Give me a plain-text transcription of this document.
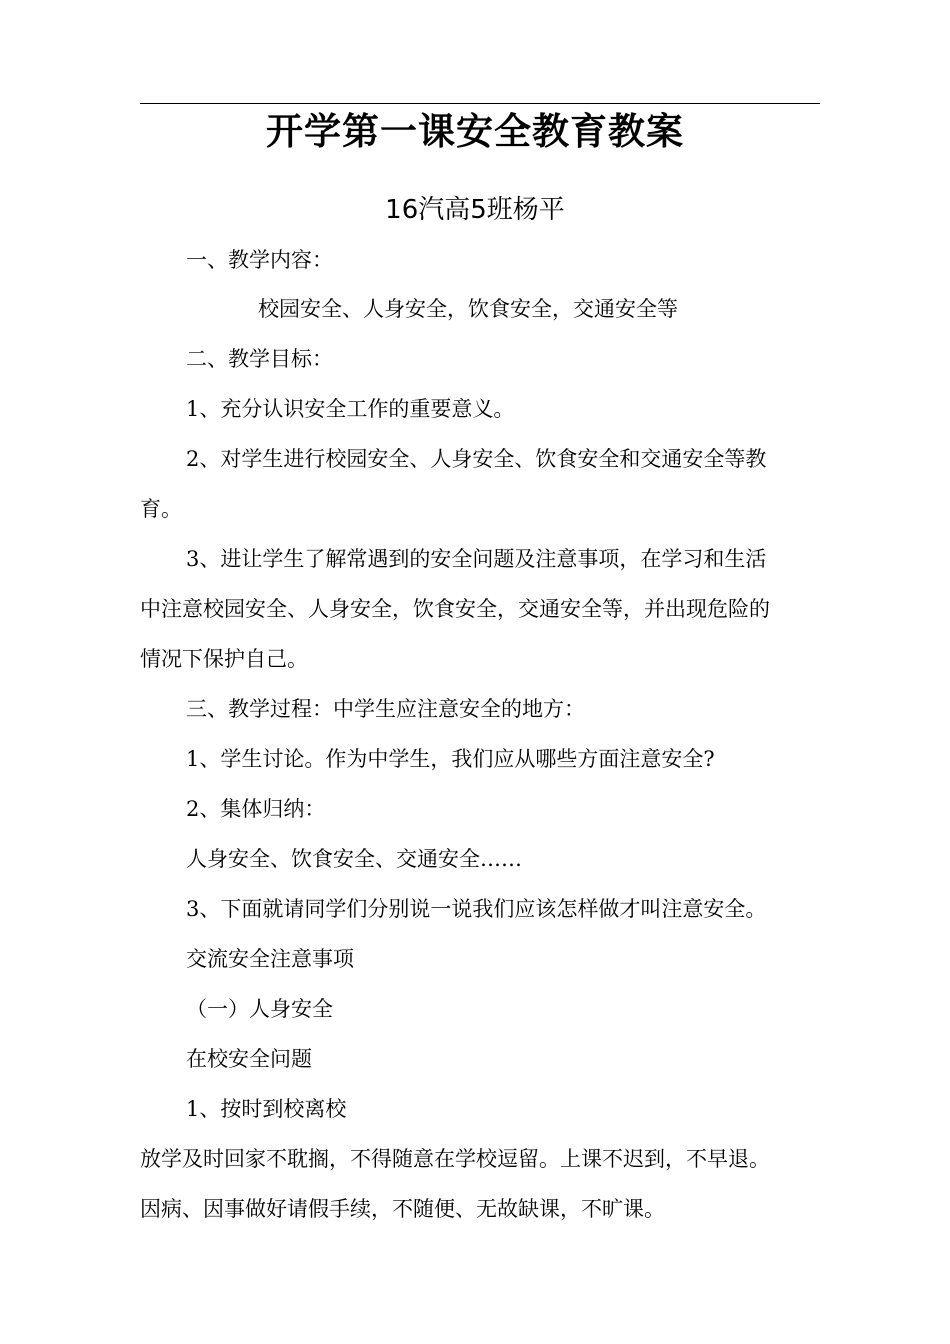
开学第一课安全教育教案
16汽高5班杨平
一、教学内容：
校园安全、人身安全，饮食安全，交通安全等
二、教学目标：
1、充分认识安全工作的重要意义。
2、对学生进行校园安全、人身安全、饮食安全和交通安全等教
育。
3、进让学生了解常遇到的安全问题及注意事项，在学习和生活
中注意校园安全、人身安全，饮食安全，交通安全等，并出现危险的
情况下保护自己。
三、教学过程：中学生应注意安全的地方：
1、学生讨论。作为中学生，我们应从哪些方面注意安全?
2、集体归纳：
人身安全、饮食安全、交通安全……
3、下面就请同学们分别说一说我们应该怎样做才叫注意安全。
交流安全注意事项
（一）人身安全
在校安全问题
1、按时到校离校
放学及时回家不耽搁，不得随意在学校逗留。上课不迟到，不早退。
因病、因事做好请假手续，不随便、无故缺课，不旷课。
